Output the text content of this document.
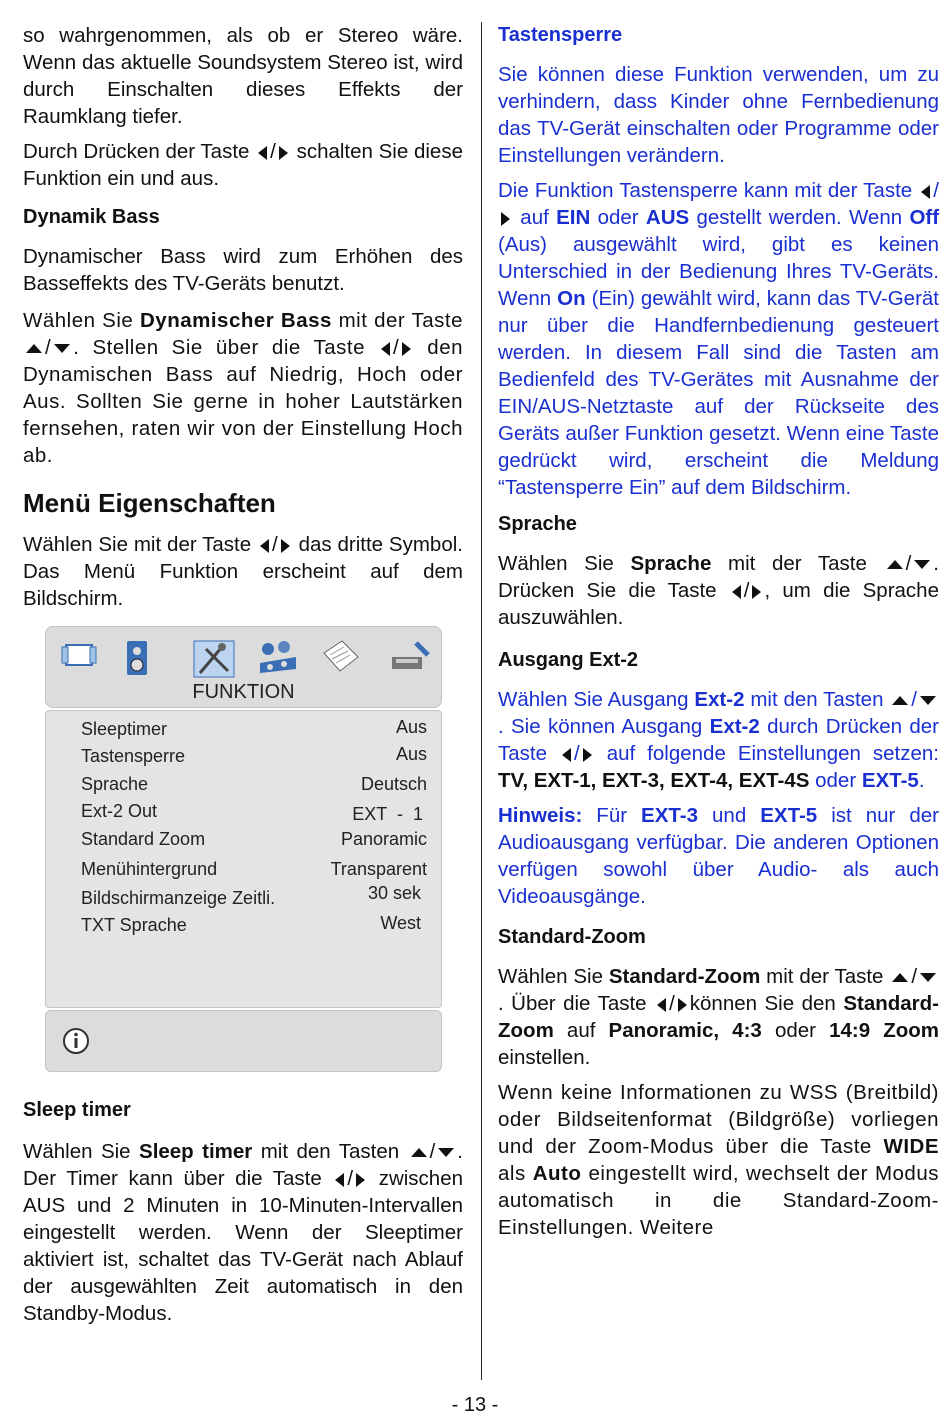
so wahrgenommen, als ob er Stereo wäre. Wenn das aktuelle Soundsystem Stereo ist, wird durch Einschalten dieses Effekts der Raumklang tiefer.

Durch Drücken der Taste / schalten Sie diese Funktion ein und aus.

Dynamik Bass

Dynamischer Bass wird zum Erhöhen des Basseffekts des TV-Geräts benutzt.

Wählen Sie Dynamischer Bass mit der Taste / . Stellen Sie über die Taste / den Dynamischen Bass auf Niedrig, Hoch oder Aus. Sollten Sie gerne in hoher Lautstärken fernsehen, raten wir von der Einstellung Hoch ab.

Menü Eigenschaften

Wählen Sie mit der Taste / das dritte Symbol. Das Menü Funktion erscheint auf dem Bildschirm.

FUNKTION
Sleeptimer	Aus
Tastensperre	Aus
Sprache	Deutsch
Ext-2 Out	EXT  -  1
Standard Zoom	Panoramic
Menühintergrund	Transparent
Bildschirmanzeige Zeitli.	30 sek
TXT Sprache	West
Sleep timer

Wählen Sie Sleep timer mit den Tasten / . Der Timer kann über die Taste / zwischen AUS und 2 Minuten in 10-Minuten-Intervallen eingestellt werden. Wenn der Sleeptimer aktiviert ist, schaltet das TV-Gerät nach Ablauf der ausgewählten Zeit automatisch in den Standby-Modus.

Tastensperre

Sie können diese Funktion verwenden, um zu verhindern, dass Kinder ohne Fernbedienung das TV-Gerät einschalten oder Programme oder Einstellungen verändern.

Die Funktion Tastensperre kann mit der Taste / auf EIN oder AUS gestellt werden. Wenn Off (Aus) ausgewählt wird, gibt es keinen Unterschied in der Bedienung Ihres TV-Geräts. Wenn On (Ein) gewählt wird, kann das TV-Gerät nur über die Handfernbedienung gesteuert werden. In diesem Fall sind die Tasten am Bedienfeld des TV-Gerätes mit Ausnahme der EIN/AUS-Netztaste auf der Rückseite des Geräts außer Funktion gesetzt. Wenn eine Taste gedrückt wird, erscheint die Meldung “Tastensperre Ein” auf dem Bildschirm.

Sprache

Wählen Sie Sprache mit der Taste / . Drücken Sie die Taste / , um die Sprache auszuwählen.

Ausgang Ext-2

Wählen Sie Ausgang Ext-2 mit den Tasten /. Sie können Ausgang Ext-2 durch Drücken der Taste / auf folgende Einstellungen setzen: TV, EXT-1, EXT-3, EXT-4, EXT-4S oder EXT-5.

Hinweis: Für EXT-3 und EXT-5 ist nur der Audioausgang verfügbar. Die anderen Optionen verfügen sowohl über Audio- als auch Videoausgänge.

Standard-Zoom

Wählen Sie Standard-Zoom mit der Taste /. Über die Taste / können Sie den Standard-Zoom auf Panoramic, 4:3 oder 14:9 Zoom einstellen.

Wenn keine Informationen zu WSS (Breitbild) oder Bildseitenformat (Bildgröße) vorliegen und der Zoom-Modus über die Taste WIDE als Auto eingestellt wird, wechselt der Modus automatisch in die Standard-Zoom-Einstellungen. Weitere

- 13 -
